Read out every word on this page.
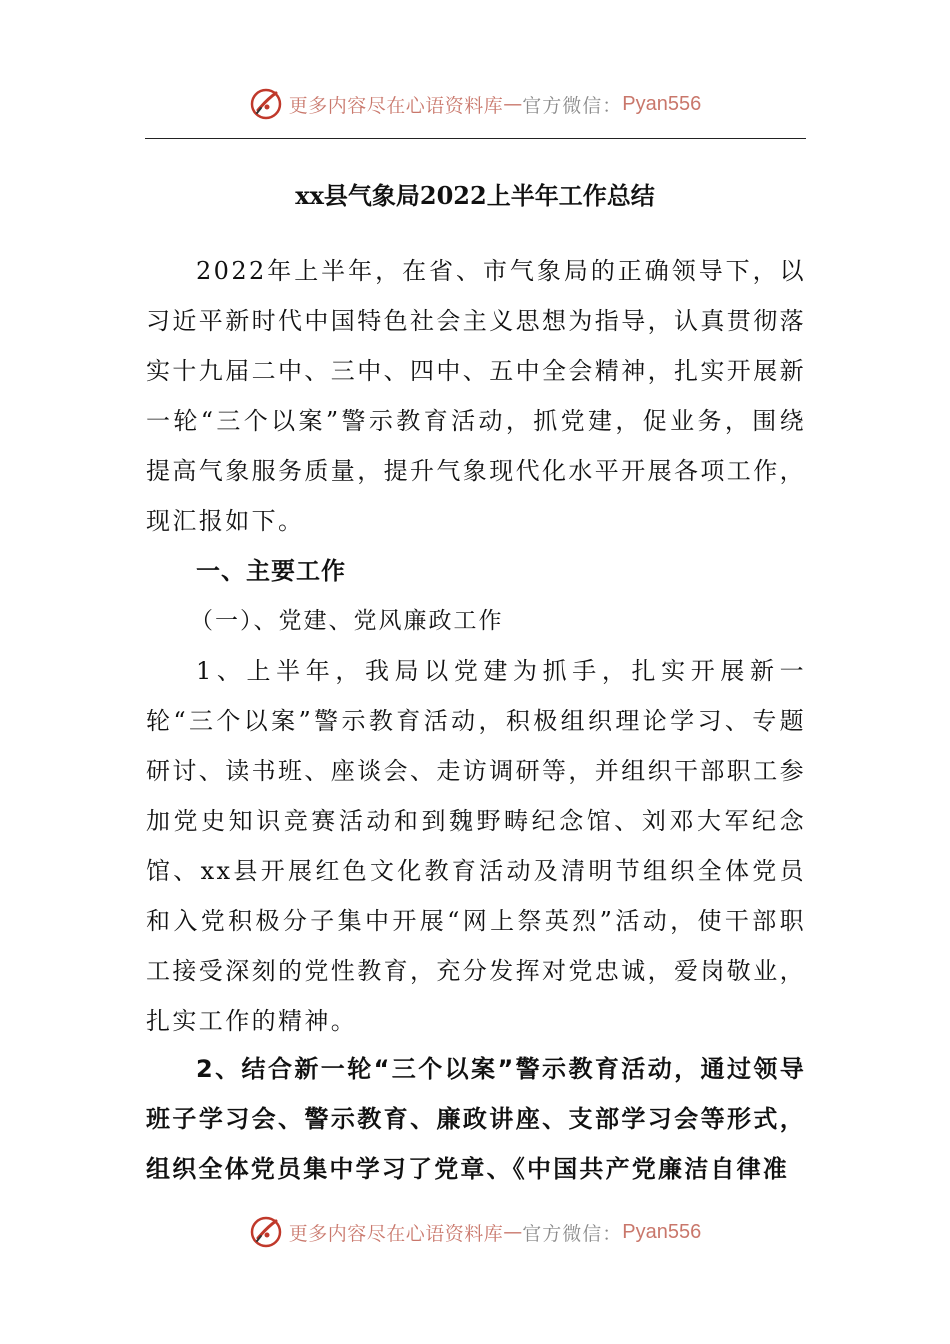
更多内容尽在心语资料库 — 官方微信： Pyan556
xx县气象局2022上半年工作总结

2022年上半年，在省、市气象局的正确领导下，以习近平新时代中国特色社会主义思想为指导，认真贯彻落实十九届二中、三中、四中、五中全会精神，扎实开展新一轮“三个以案”警示教育活动，抓党建，促业务，围绕提高气象服务质量，提升气象现代化水平开展各项工作，现汇报如下。

一、主要工作

（一）、党建、党风廉政工作

1、上半年，我局以党建为抓手，扎实开展新一轮“三个以案”警示教育活动，积极组织理论学习、专题研讨、读书班、座谈会、走访调研等，并组织干部职工参加党史知识竞赛活动和到魏野畴纪念馆、刘邓大军纪念馆、xx县开展红色文化教育活动及清明节组织全体党员和入党积极分子集中开展“网上祭英烈”活动，使干部职工接受深刻的党性教育，充分发挥对党忠诚，爱岗敬业，扎实工作的精神。

2、结合新一轮“三个以案”警示教育活动，通过领导班子学习会、警示教育、廉政讲座、支部学习会等形式，组织全体党员集中学习了党章、《中国共产党廉洁自律准

更多内容尽在心语资料库 — 官方微信： Pyan556
